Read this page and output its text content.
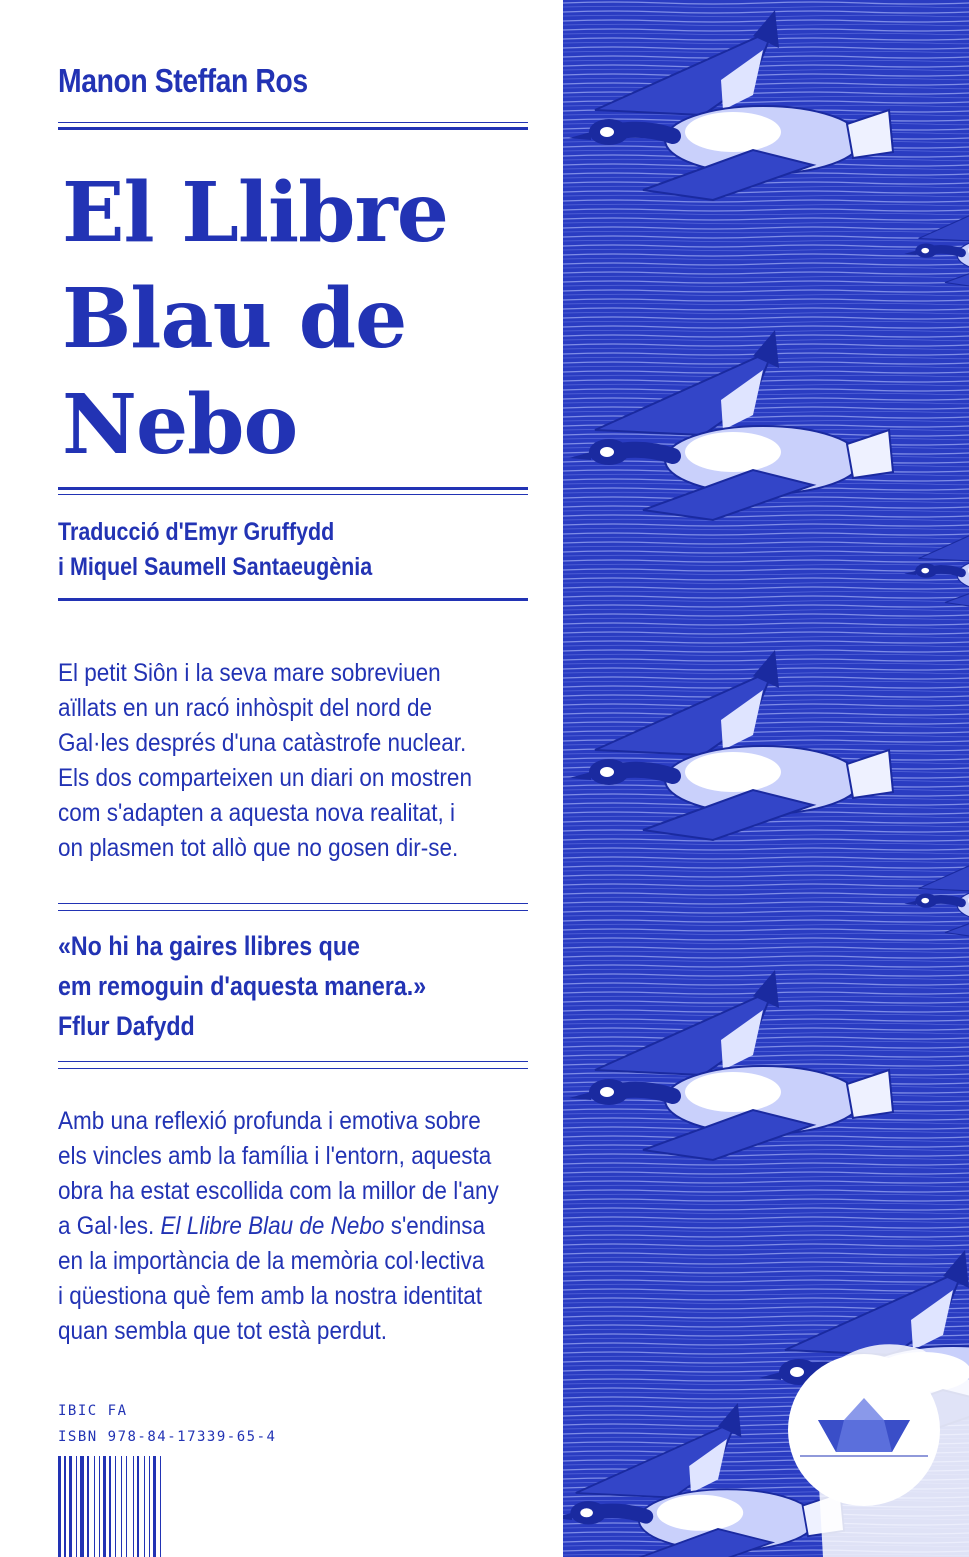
Manon Steffan Ros
El Llibre
Blau de
Nebo
Traducció d'Emyr Gruffydd
i Miquel Saumell Santaeugènia
El petit Siôn i la seva mare sobreviuen
aïllats en un racó inhòspit del nord de
Gal·les després d'una catàstrofe nuclear.
Els dos comparteixen un diari on mostren
com s'adapten a aquesta nova realitat, i
on plasmen tot allò que no gosen dir-se.
«No hi ha gaires llibres que
em remoguin d'aquesta manera.»
Fflur Dafydd
Amb una reflexió profunda i emotiva sobre
els vincles amb la família i l'entorn, aquesta
obra ha estat escollida com la millor de l'any
a Gal·les. El Llibre Blau de Nebo s'endinsa
en la importància de la memòria col·lectiva
i qüestiona què fem amb la nostra identitat
quan sembla que tot està perdut.
IBIC FA
ISBN 978-84-17339-65-4
